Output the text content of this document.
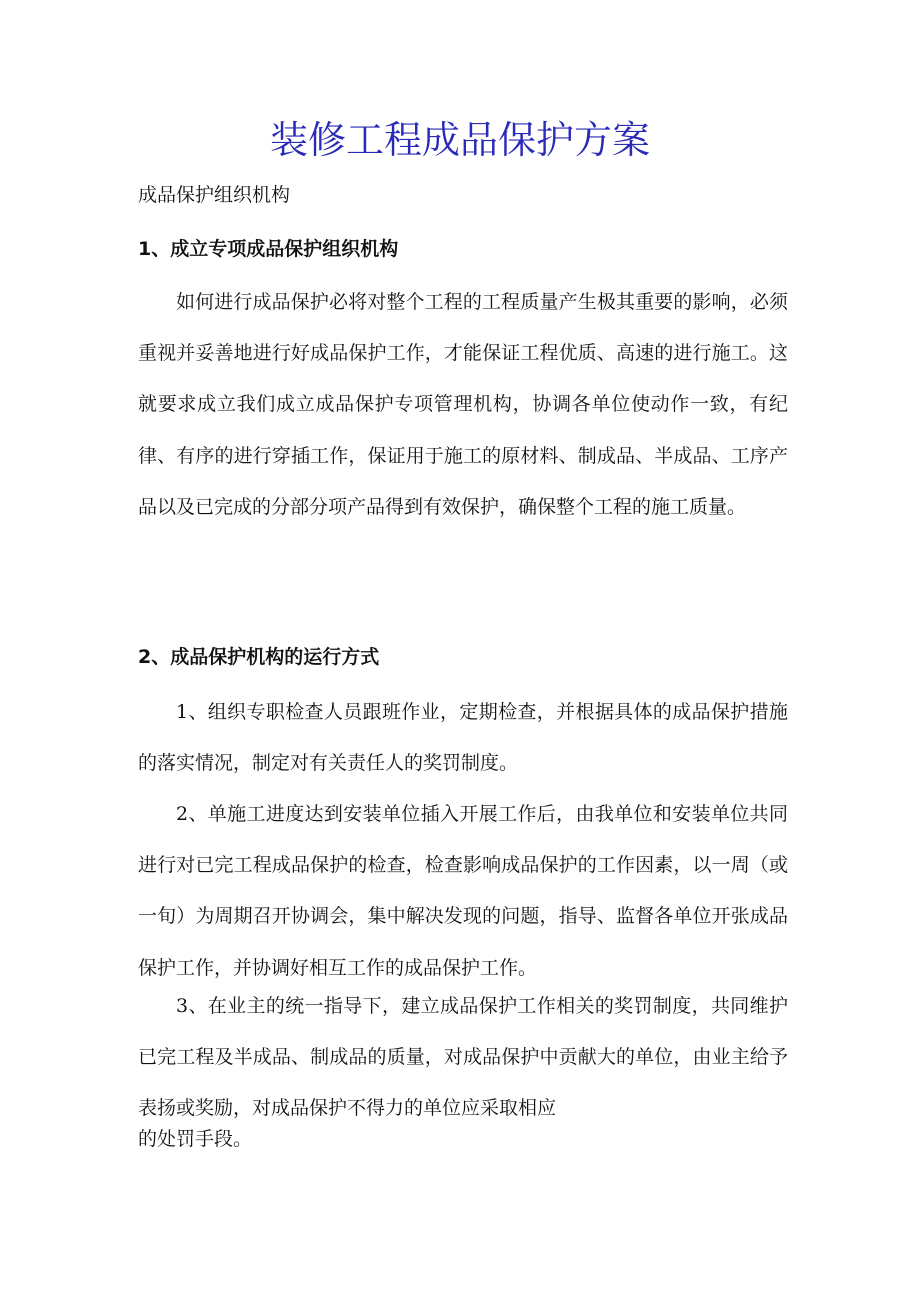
装修工程成品保护方案
成品保护组织机构
1、成立专项成品保护组织机构

如何进行成品保护必将对整个工程的工程质量产生极其重要的影响，必须重视并妥善地进行好成品保护工作，才能保证工程优质、高速的进行施工。这就要求成立我们成立成品保护专项管理机构，协调各单位使动作一致，有纪律、有序的进行穿插工作，保证用于施工的原材料、制成品、半成品、工序产品以及已完成的分部分项产品得到有效保护，确保整个工程的施工质量。

2、成品保护机构的运行方式

1、组织专职检查人员跟班作业，定期检查，并根据具体的成品保护措施的落实情况，制定对有关责任人的奖罚制度。

2、单施工进度达到安装单位插入开展工作后，由我单位和安装单位共同进行对已完工程成品保护的检查，检查影响成品保护的工作因素，以一周（或一旬）为周期召开协调会，集中解决发现的问题，指导、监督各单位开张成品保护工作，并协调好相互工作的成品保护工作。

3、在业主的统一指导下，建立成品保护工作相关的奖罚制度，共同维护已完工程及半成品、制成品的质量，对成品保护中贡献大的单位，由业主给予表扬或奖励，对成品保护不得力的单位应采取相应

的处罚手段。
